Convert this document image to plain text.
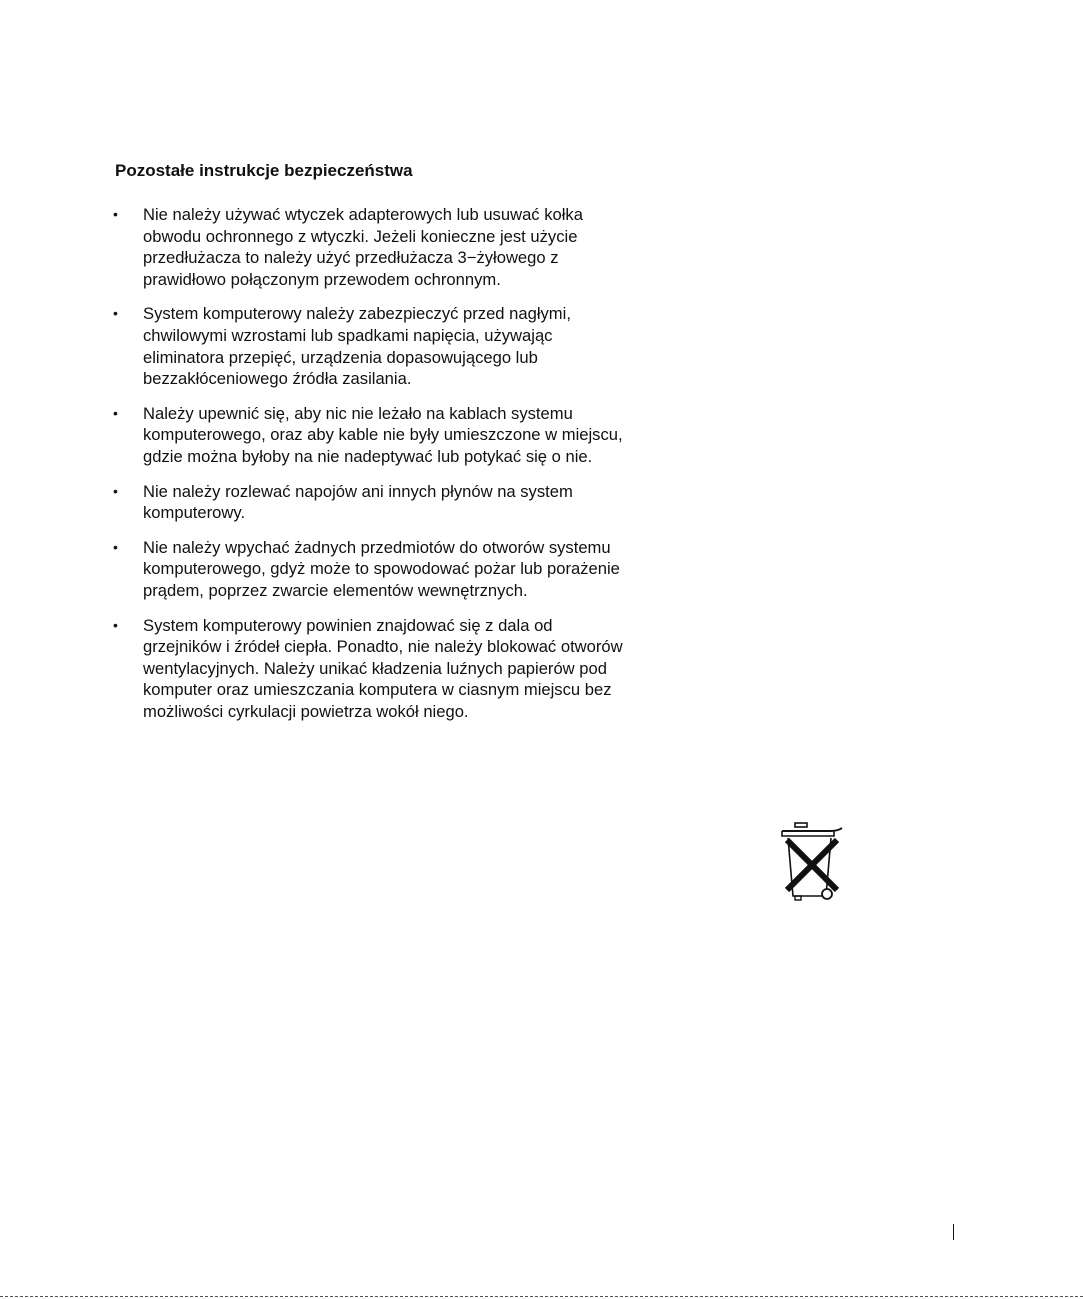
Pozostałe instrukcje bezpieczeństwa
• Nie należy używać wtyczek adapterowych lub usuwać kołka
obwodu ochronnego z wtyczki. Jeżeli konieczne jest użycie
przedłużacza to należy użyć przedłużacza 3−żyłowego z
prawidłowo połączonym przewodem ochronnym.
• System komputerowy należy zabezpieczyć przed nagłymi,
chwilowymi wzrostami lub spadkami napięcia, używając
eliminatora przepięć, urządzenia dopasowującego lub
bezzakłóceniowego źródła zasilania.
• Należy upewnić się, aby nic nie leżało na kablach systemu
komputerowego, oraz aby kable nie były umieszczone w miejscu,
gdzie można byłoby na nie nadeptywać lub potykać się o nie.
• Nie należy rozlewać napojów ani innych płynów na system
komputerowy.
• Nie należy wpychać żadnych przedmiotów do otworów systemu
komputerowego, gdyż może to spowodować pożar lub porażenie
prądem, poprzez zwarcie elementów wewnętrznych.
• System komputerowy powinien znajdować się z dala od
grzejników i źródeł ciepła. Ponadto, nie należy blokować otworów
wentylacyjnych. Należy unikać kładzenia luźnych papierów pod
komputer oraz umieszczania komputera w ciasnym miejscu bez
możliwości cyrkulacji powietrza wokół niego.
